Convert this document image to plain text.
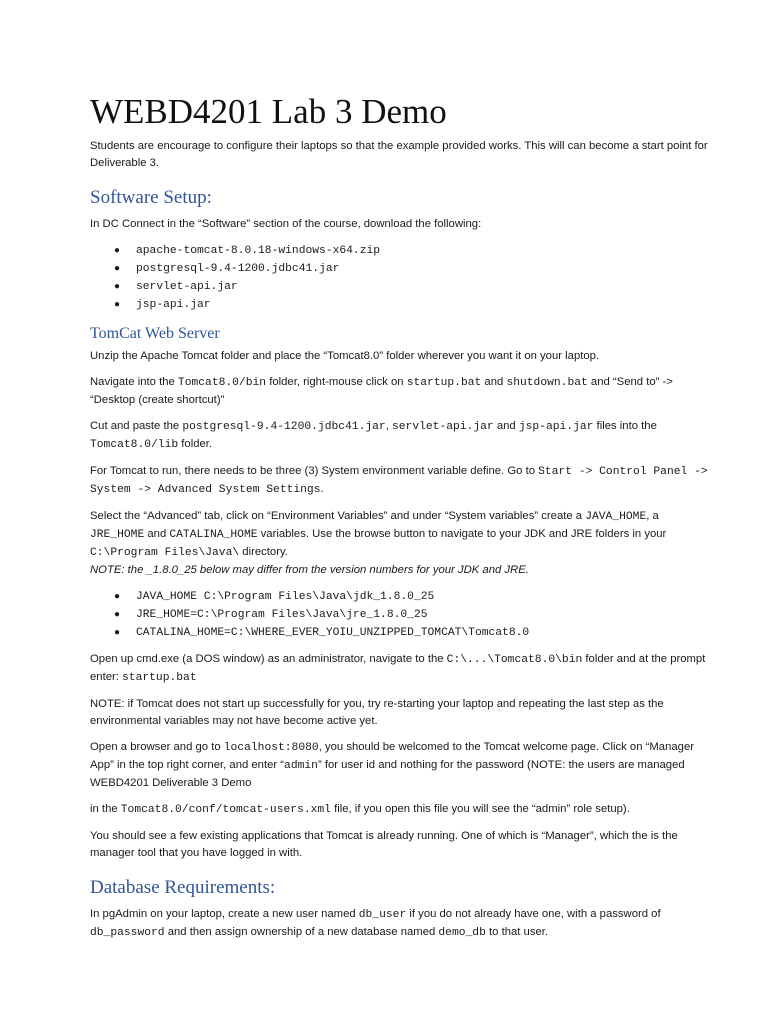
WEBD4201 Lab 3 Demo

Students are encourage to configure their laptops so that the example provided works. This will can become a start point for Deliverable 3.

Software Setup:

In DC Connect in the “Software” section of the course, download the following:

● apache-tomcat-8.0.18-windows-x64.zip
● postgresql-9.4-1200.jdbc41.jar
● servlet-api.jar
● jsp-api.jar
TomCat Web Server

Unzip the Apache Tomcat folder and place the “Tomcat8.0” folder wherever you want it on your laptop.

Navigate into the Tomcat8.0/bin folder, right-mouse click on startup.bat and shutdown.bat and “Send to” -> “Desktop (create shortcut)”

Cut and paste the postgresql-9.4-1200.jdbc41.jar, servlet-api.jar and jsp-api.jar files into the Tomcat8.0/lib folder.

For Tomcat to run, there needs to be three (3) System environment variable define. Go to Start -> Control Panel -> System -> Advanced System Settings.

Select the “Advanced” tab, click on “Environment Variables” and under “System variables” create a JAVA_HOME, a JRE_HOME and CATALINA_HOME variables. Use the browse button to navigate to your JDK and JRE folders in your C:\Program Files\Java\ directory.
NOTE: the _1.8.0_25 below may differ from the version numbers for your JDK and JRE.

● JAVA_HOME C:\Program Files\Java\jdk_1.8.0_25
● JRE_HOME=C:\Program Files\Java\jre_1.8.0_25
● CATALINA_HOME=C:\WHERE_EVER_YOIU_UNZIPPED_TOMCAT\Tomcat8.0

Open up cmd.exe (a DOS window) as an administrator, navigate to the C:\...\Tomcat8.0\bin folder and at the prompt enter: startup.bat

NOTE: if Tomcat does not start up successfully for you, try re-starting your laptop and repeating the last step as the environmental variables may not have become active yet.

Open a browser and go to localhost:8080, you should be welcomed to the Tomcat welcome page. Click on “Manager App” in the top right corner, and enter “admin” for user id and nothing for the password (NOTE: the users are managed WEBD4201 Deliverable 3 Demo

in the Tomcat8.0/conf/tomcat-users.xml file, if you open this file you will see the “admin” role setup).

You should see a few existing applications that Tomcat is already running. One of which is “Manager”, which the is the manager tool that you have logged in with.

Database Requirements:

In pgAdmin on your laptop, create a new user named db_user if you do not already have one, with a password of db_password and then assign ownership of a new database named demo_db to that user.
